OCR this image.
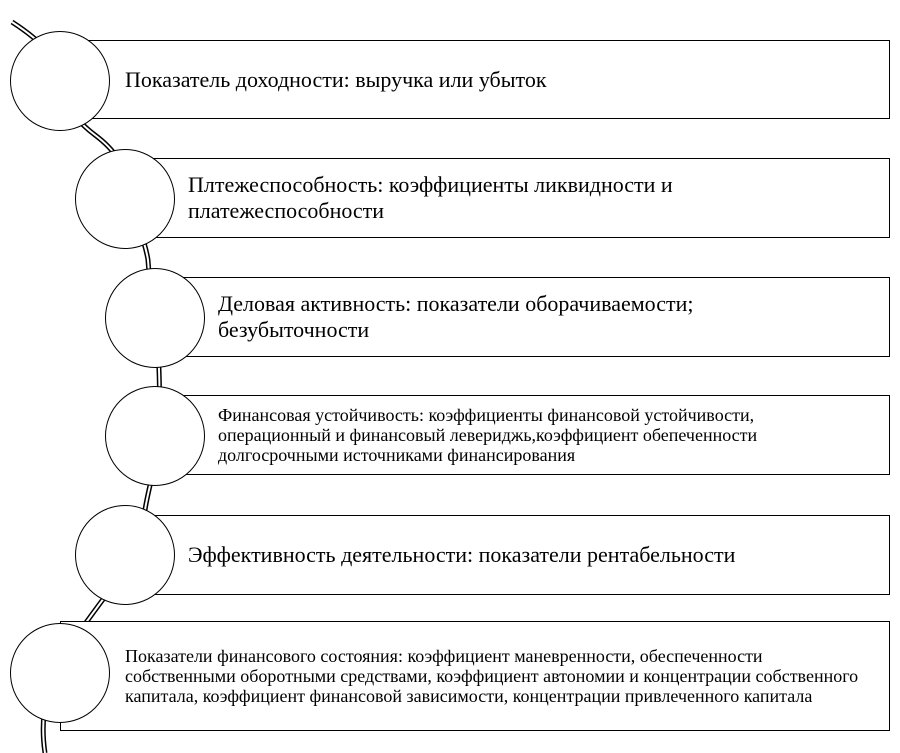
Показатель доходности: выручка или убыток
Плтежеспособность: коэффициенты ликвидности и платежеспособности
Деловая активность: показатели оборачиваемости; безубыточности
Финансовая устойчивость: коэффициенты финансовой устойчивости, операционный и финансовый левериджь,коэффициент обепеченности долгосрочными источниками финансирования
Эффективность деятельности: показатели рентабельности
Показатели финансового состояния: коэффициент маневренности, обеспеченности собственными оборотными средствами, коэффициент автономии и концентрации собственного капитала, коэффициент финансовой зависимости, концентрации привлеченного капитала
